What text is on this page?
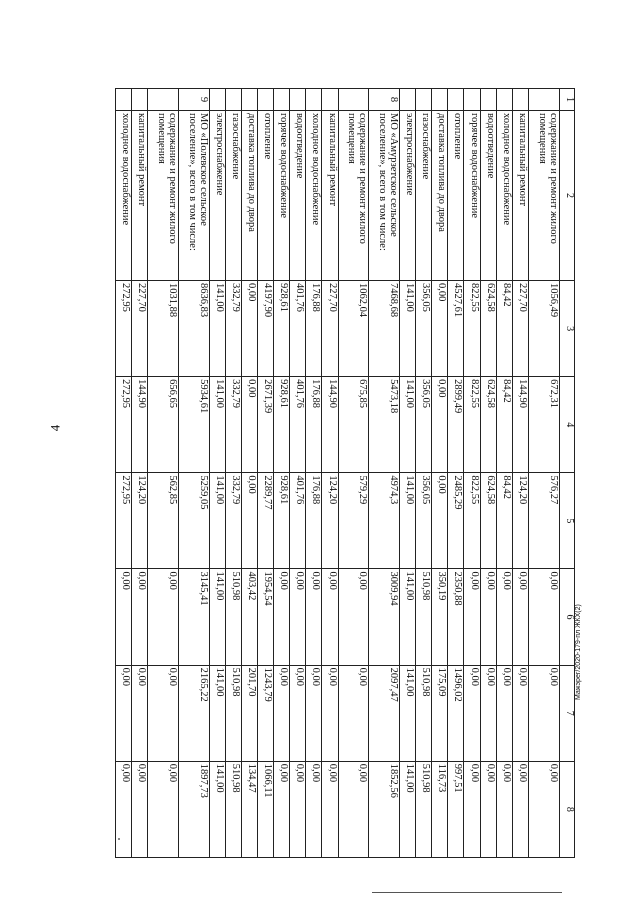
4
1	2	3	4	5	6	7	8
	содержание и ремонт жилого помещения	1056,49	672,31	576,27	0,00	0,00	0,00
	капитальный ремонт	227,70	144,90	124,20	0,00	0,00	0,00
	холодное водоснабжение	84,42	84,42	84,42	0,00	0,00	0,00
	водоотведение	624,58	624,58	624,58	0,00	0,00	0,00
	горячее водоснабжение	822,55	822,55	822,55	0,00	0,00	0,00
	отопление	4527,61	2899,49	2485,29	2350,88	1496,02	997,51
	доставка топлива до двора	0,00	0,00	0,00	350,19	175,09	116,73
	газоснабжение	356,05	356,05	356,05	510,98	510,98	510,98
	электроснабжение	141,00	141,00	141,00	141,00	141,00	141,00
8	МО «Амурзетское сельское поселение», всего в том числе:	7468,68	5473,18	4974,3	3009,94	2097,47	1852,56
	содержание и ремонт жилого помещения	1062,04	675,85	579,29	0,00	0,00	0,00
	капитальный ремонт	227,70	144,90	124,20	0,00	0,00	0,00
	холодное водоснабжение	176,88	176,88	176,88	0,00	0,00	0,00
	водоотведение	401,76	401,76	401,76	0,00	0,00	0,00
	горячее водоснабжение	928,61	928,61	928,61	0,00	0,00	0,00
	отопление	4197,90	2671,39	2289,77	1954,54	1243,79	1066,11
	доставка топлива до двора	0,00	0,00	0,00	403,42	201,70	134,47
	газоснабжение	332,79	332,79	332,79	510,98	510,98	510,98
	электроснабжение	141,00	141,00	141,00	141,00	141,00	141,00
9	МО «Полевское сельское поселение», всего в том числе:	8636,83	5934,61	5259,05	3145,41	2165,22	1897,73
	содержание и ремонт жилого помещения	1031,88	656,65	562,85	0,00	0,00	0,00
	капитальный ремонт	227,70	144,90	124,20	0,00	0,00	0,00
	холодное водоснабжение	272,95	272,95	272,95	0,00	0,00	0,00
Мажэрег/2020-179-пл ЖКХ(2)
